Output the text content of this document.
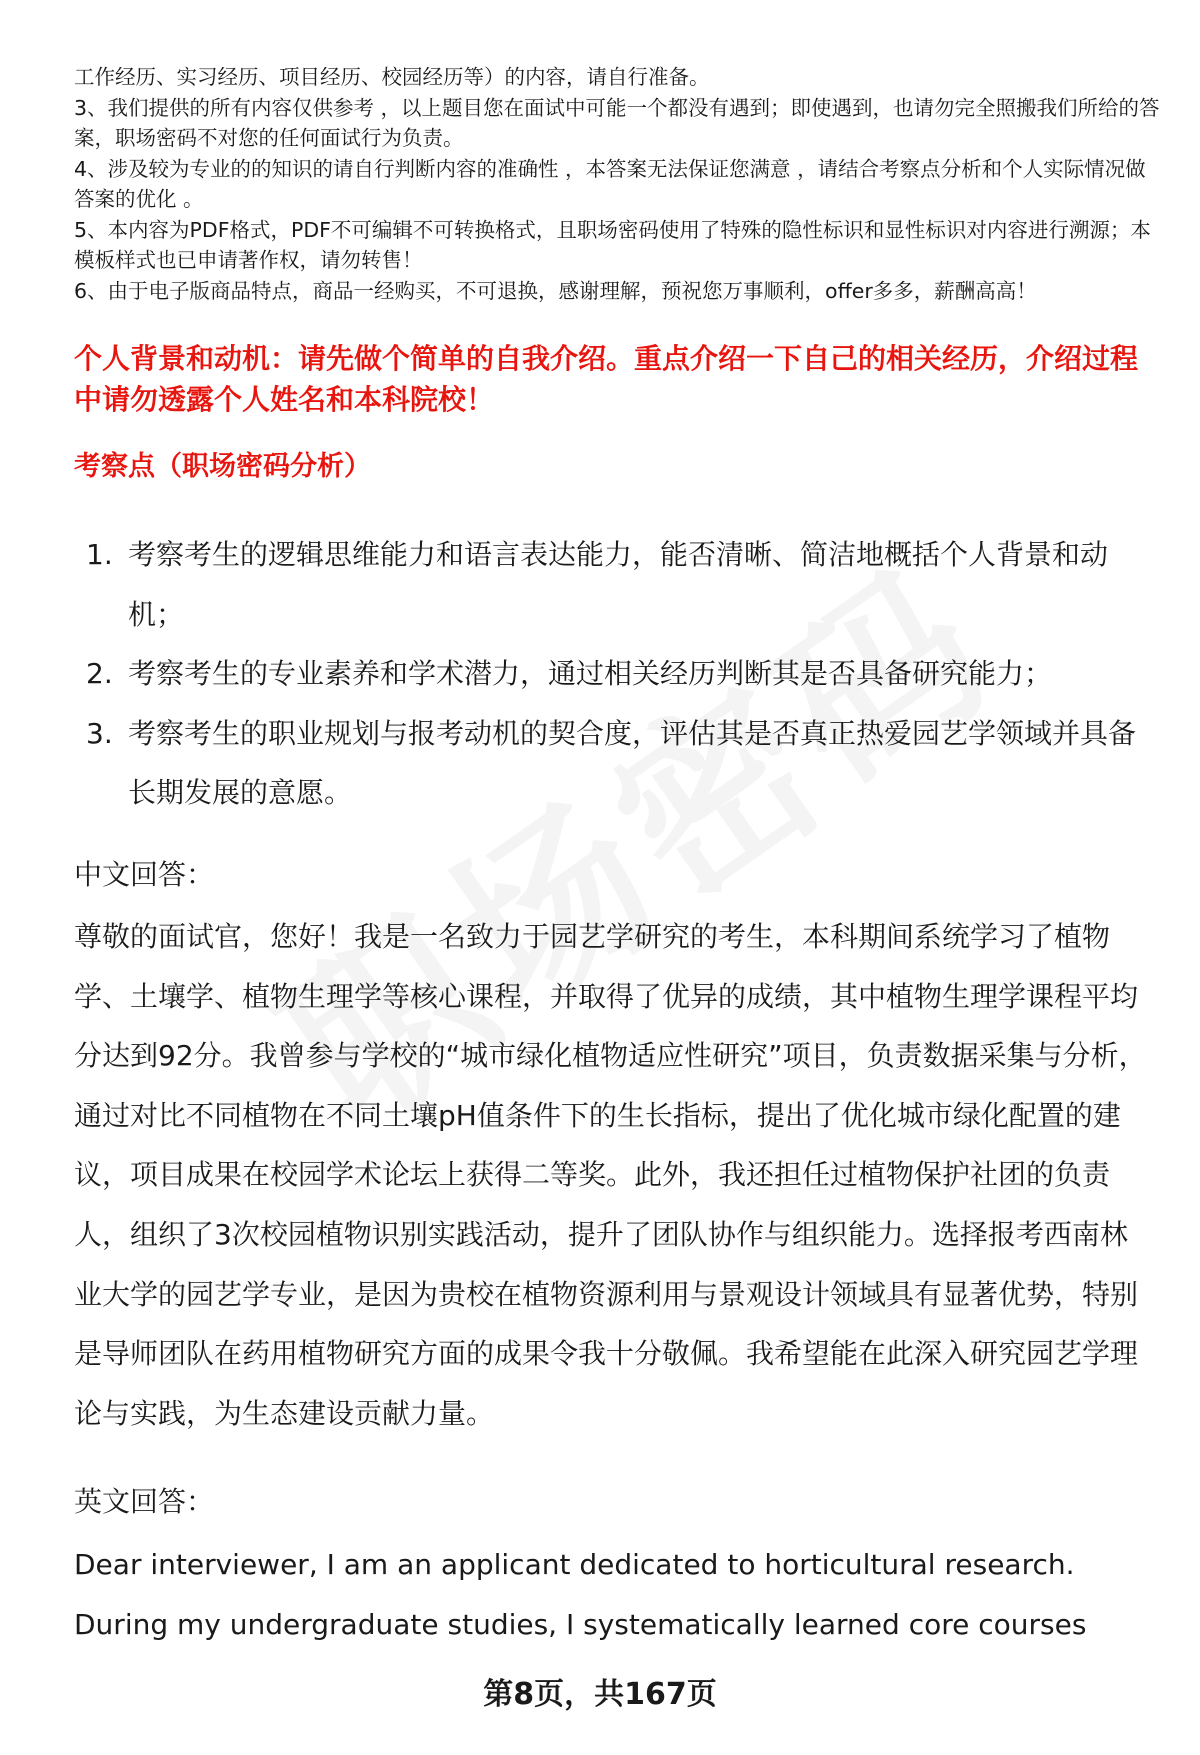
工作经历、实习经历、项目经历、校园经历等）的内容，请自行准备。

3、我们提供的所有内容仅供参考 ，以上题目您在面试中可能一个都没有遇到；即使遇到，也请勿完全照搬我们所给的答案，职场密码不对您的任何面试行为负责。

4、涉及较为专业的的知识的请自行判断内容的准确性 ，本答案无法保证您满意 ，请结合考察点分析和个人实际情况做答案的优化 。

5、本内容为PDF格式，PDF不可编辑不可转换格式，且职场密码使用了特殊的隐性标识和显性标识对内容进行溯源；本模板样式也已申请著作权，请勿转售！

6、由于电子版商品特点，商品一经购买，不可退换，感谢理解，预祝您万事顺利，offer多多，薪酬高高！

个人背景和动机：请先做个简单的自我介绍。重点介绍一下自己的相关经历，介绍过程中请勿透露个人姓名和本科院校！
考察点（职场密码分析）
1. 考察考生的逻辑思维能力和语言表达能力，能否清晰、简洁地概括个人背景和动机；
2. 考察考生的专业素养和学术潜力，通过相关经历判断其是否具备研究能力；
3. 考察考生的职业规划与报考动机的契合度，评估其是否真正热爱园艺学领域并具备长期发展的意愿。
中文回答：

尊敬的面试官，您好！我是一名致力于园艺学研究的考生，本科期间系统学习了植物学、土壤学、植物生理学等核心课程，并取得了优异的成绩，其中植物生理学课程平均分达到92分。我曾参与学校的“城市绿化植物适应性研究”项目，负责数据采集与分析，通过对比不同植物在不同土壤pH值条件下的生长指标，提出了优化城市绿化配置的建议，项目成果在校园学术论坛上获得二等奖。此外，我还担任过植物保护社团的负责人，组织了3次校园植物识别实践活动，提升了团队协作与组织能力。选择报考西南林业大学的园艺学专业，是因为贵校在植物资源利用与景观设计领域具有显著优势，特别是导师团队在药用植物研究方面的成果令我十分敬佩。我希望能在此深入研究园艺学理论与实践，为生态建设贡献力量。

英文回答：

Dear interviewer, I am an applicant dedicated to horticultural research.

During my undergraduate studies, I systematically learned core courses

第8页，共167页
